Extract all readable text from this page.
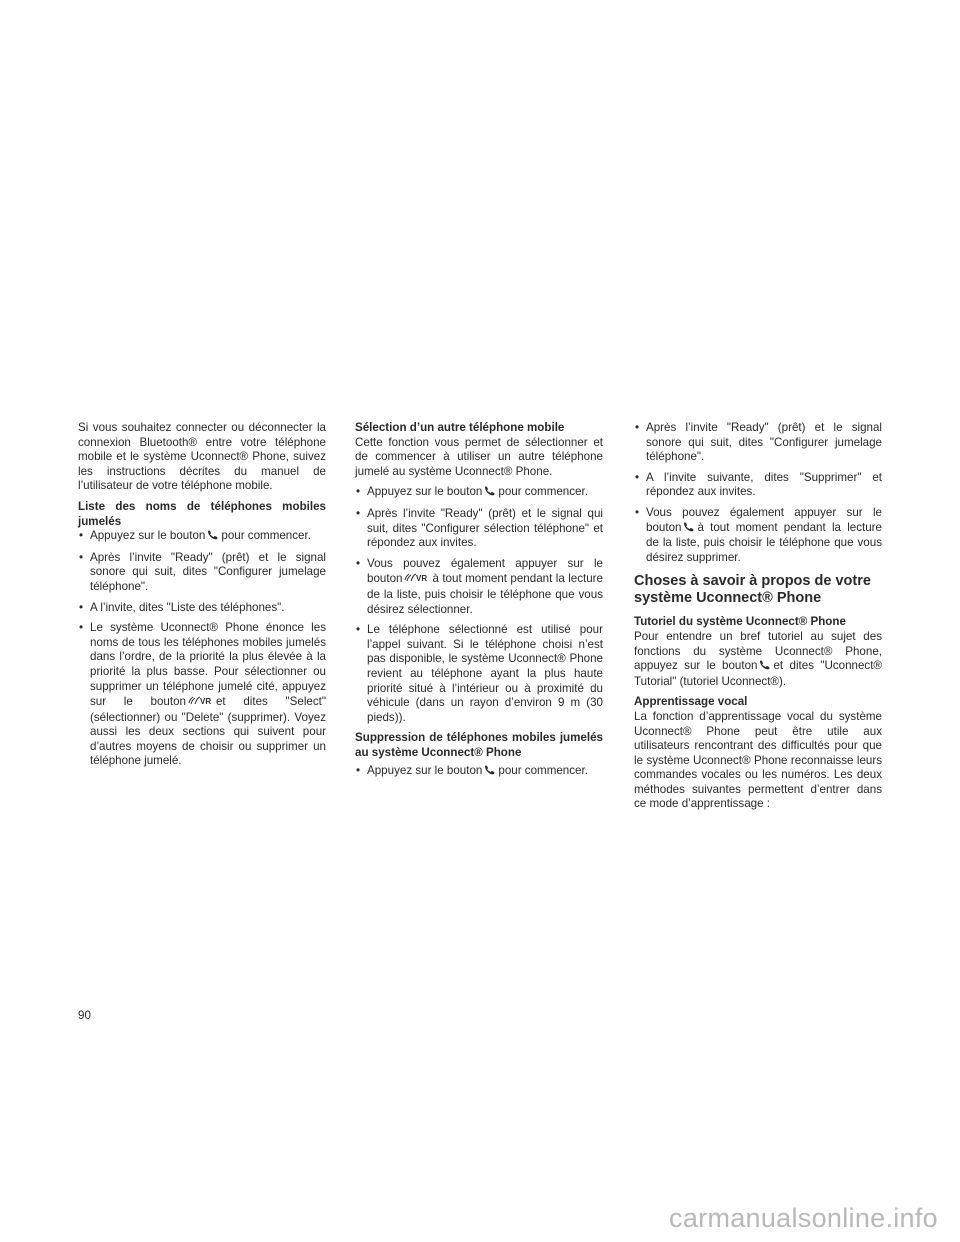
Si vous souhaitez connecter ou déconnecter la connexion Bluetooth® entre votre téléphone mobile et le système Uconnect® Phone, suivez les instructions décrites du manuel de l’utilisateur de votre téléphone mobile.

Liste des noms de téléphones mobiles jumelés

• Appuyez sur le bouton pour commencer.
• Après l’invite "Ready" (prêt) et le signal sonore qui suit, dites "Configurer jumelage téléphone".
• A l’invite, dites "Liste des téléphones".
• Le système Uconnect® Phone énonce les noms de tous les téléphones mobiles jumelés dans l’ordre, de la priorité la plus élevée à la priorité la plus basse. Pour sélectionner ou supprimer un téléphone jumelé cité, appuyez sur le bouton VR et dites "Select" (sélectionner) ou "Delete" (supprimer). Voyez aussi les deux sections qui suivent pour d’autres moyens de choisir ou supprimer un téléphone jumelé.

Sélection d’un autre téléphone mobile

Cette fonction vous permet de sélectionner et de commencer à utiliser un autre téléphone jumelé au système Uconnect® Phone.

• Appuyez sur le bouton pour commencer.
• Après l’invite "Ready" (prêt) et le signal qui suit, dites "Configurer sélection téléphone" et répondez aux invites.
• Vous pouvez également appuyer sur le bouton VR à tout moment pendant la lecture de la liste, puis choisir le téléphone que vous désirez sélectionner.
• Le téléphone sélectionné est utilisé pour l’appel suivant. Si le téléphone choisi n’est pas disponible, le système Uconnect® Phone revient au téléphone ayant la plus haute priorité situé à l’intérieur ou à proximité du véhicule (dans un rayon d’environ 9 m (30 pieds)).

Suppression de téléphones mobiles jumelés au système Uconnect® Phone

• Appuyez sur le bouton pour commencer.
• Après l’invite "Ready" (prêt) et le signal sonore qui suit, dites "Configurer jumelage téléphone".
• A l’invite suivante, dites "Supprimer" et répondez aux invites.
• Vous pouvez également appuyer sur le bouton à tout moment pendant la lecture de la liste, puis choisir le téléphone que vous désirez supprimer.
Choses à savoir à propos de votre système Uconnect® Phone

Tutoriel du système Uconnect® Phone

Pour entendre un bref tutoriel au sujet des fonctions du système Uconnect® Phone, appuyez sur le bouton et dites "Uconnect® Tutorial" (tutoriel Uconnect®).

Apprentissage vocal

La fonction d’apprentissage vocal du système Uconnect® Phone peut être utile aux utilisateurs rencontrant des difficultés pour que le système Uconnect® Phone reconnaisse leurs commandes vocales ou les numéros. Les deux méthodes suivantes permettent d’entrer dans ce mode d’apprentissage :

90
carmanualsonline.info
